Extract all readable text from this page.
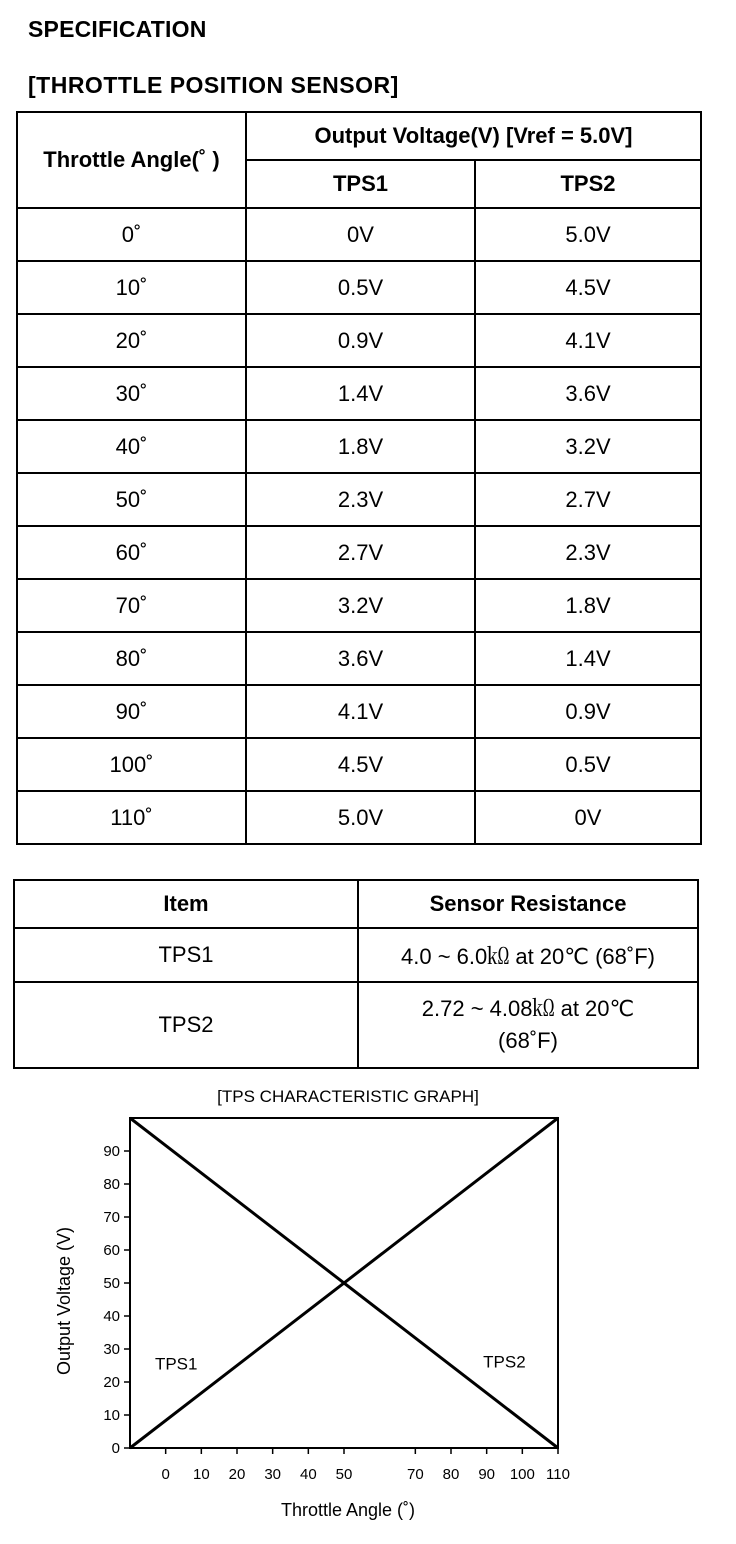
SPECIFICATION
[THROTTLE POSITION SENSOR]
Throttle Angle(˚ )	Output Voltage(V) [Vref = 5.0V]	
	TPS1	TPS2
0˚	0V	5.0V
10˚	0.5V	4.5V
20˚	0.9V	4.1V
30˚	1.4V	3.6V
40˚	1.8V	3.2V
50˚	2.3V	2.7V
60˚	2.7V	2.3V
70˚	3.2V	1.8V
80˚	3.6V	1.4V
90˚	4.1V	0.9V
100˚	4.5V	0.5V
110˚	5.0V	0V
Item	Sensor Resistance
TPS1	4.0 ~ 6.0㏀ at 20℃ (68˚F)
TPS2	2.72 ~ 4.08㏀ at 20℃ (68˚F)
[TPS CHARACTERISTIC GRAPH]
0
10
20
30
40
50
60
70
80
90
0 10 20 30 40 50	70 80 90 100 110
Throttle Angle (˚)
Output Voltage (V)	TPS1	TPS2
